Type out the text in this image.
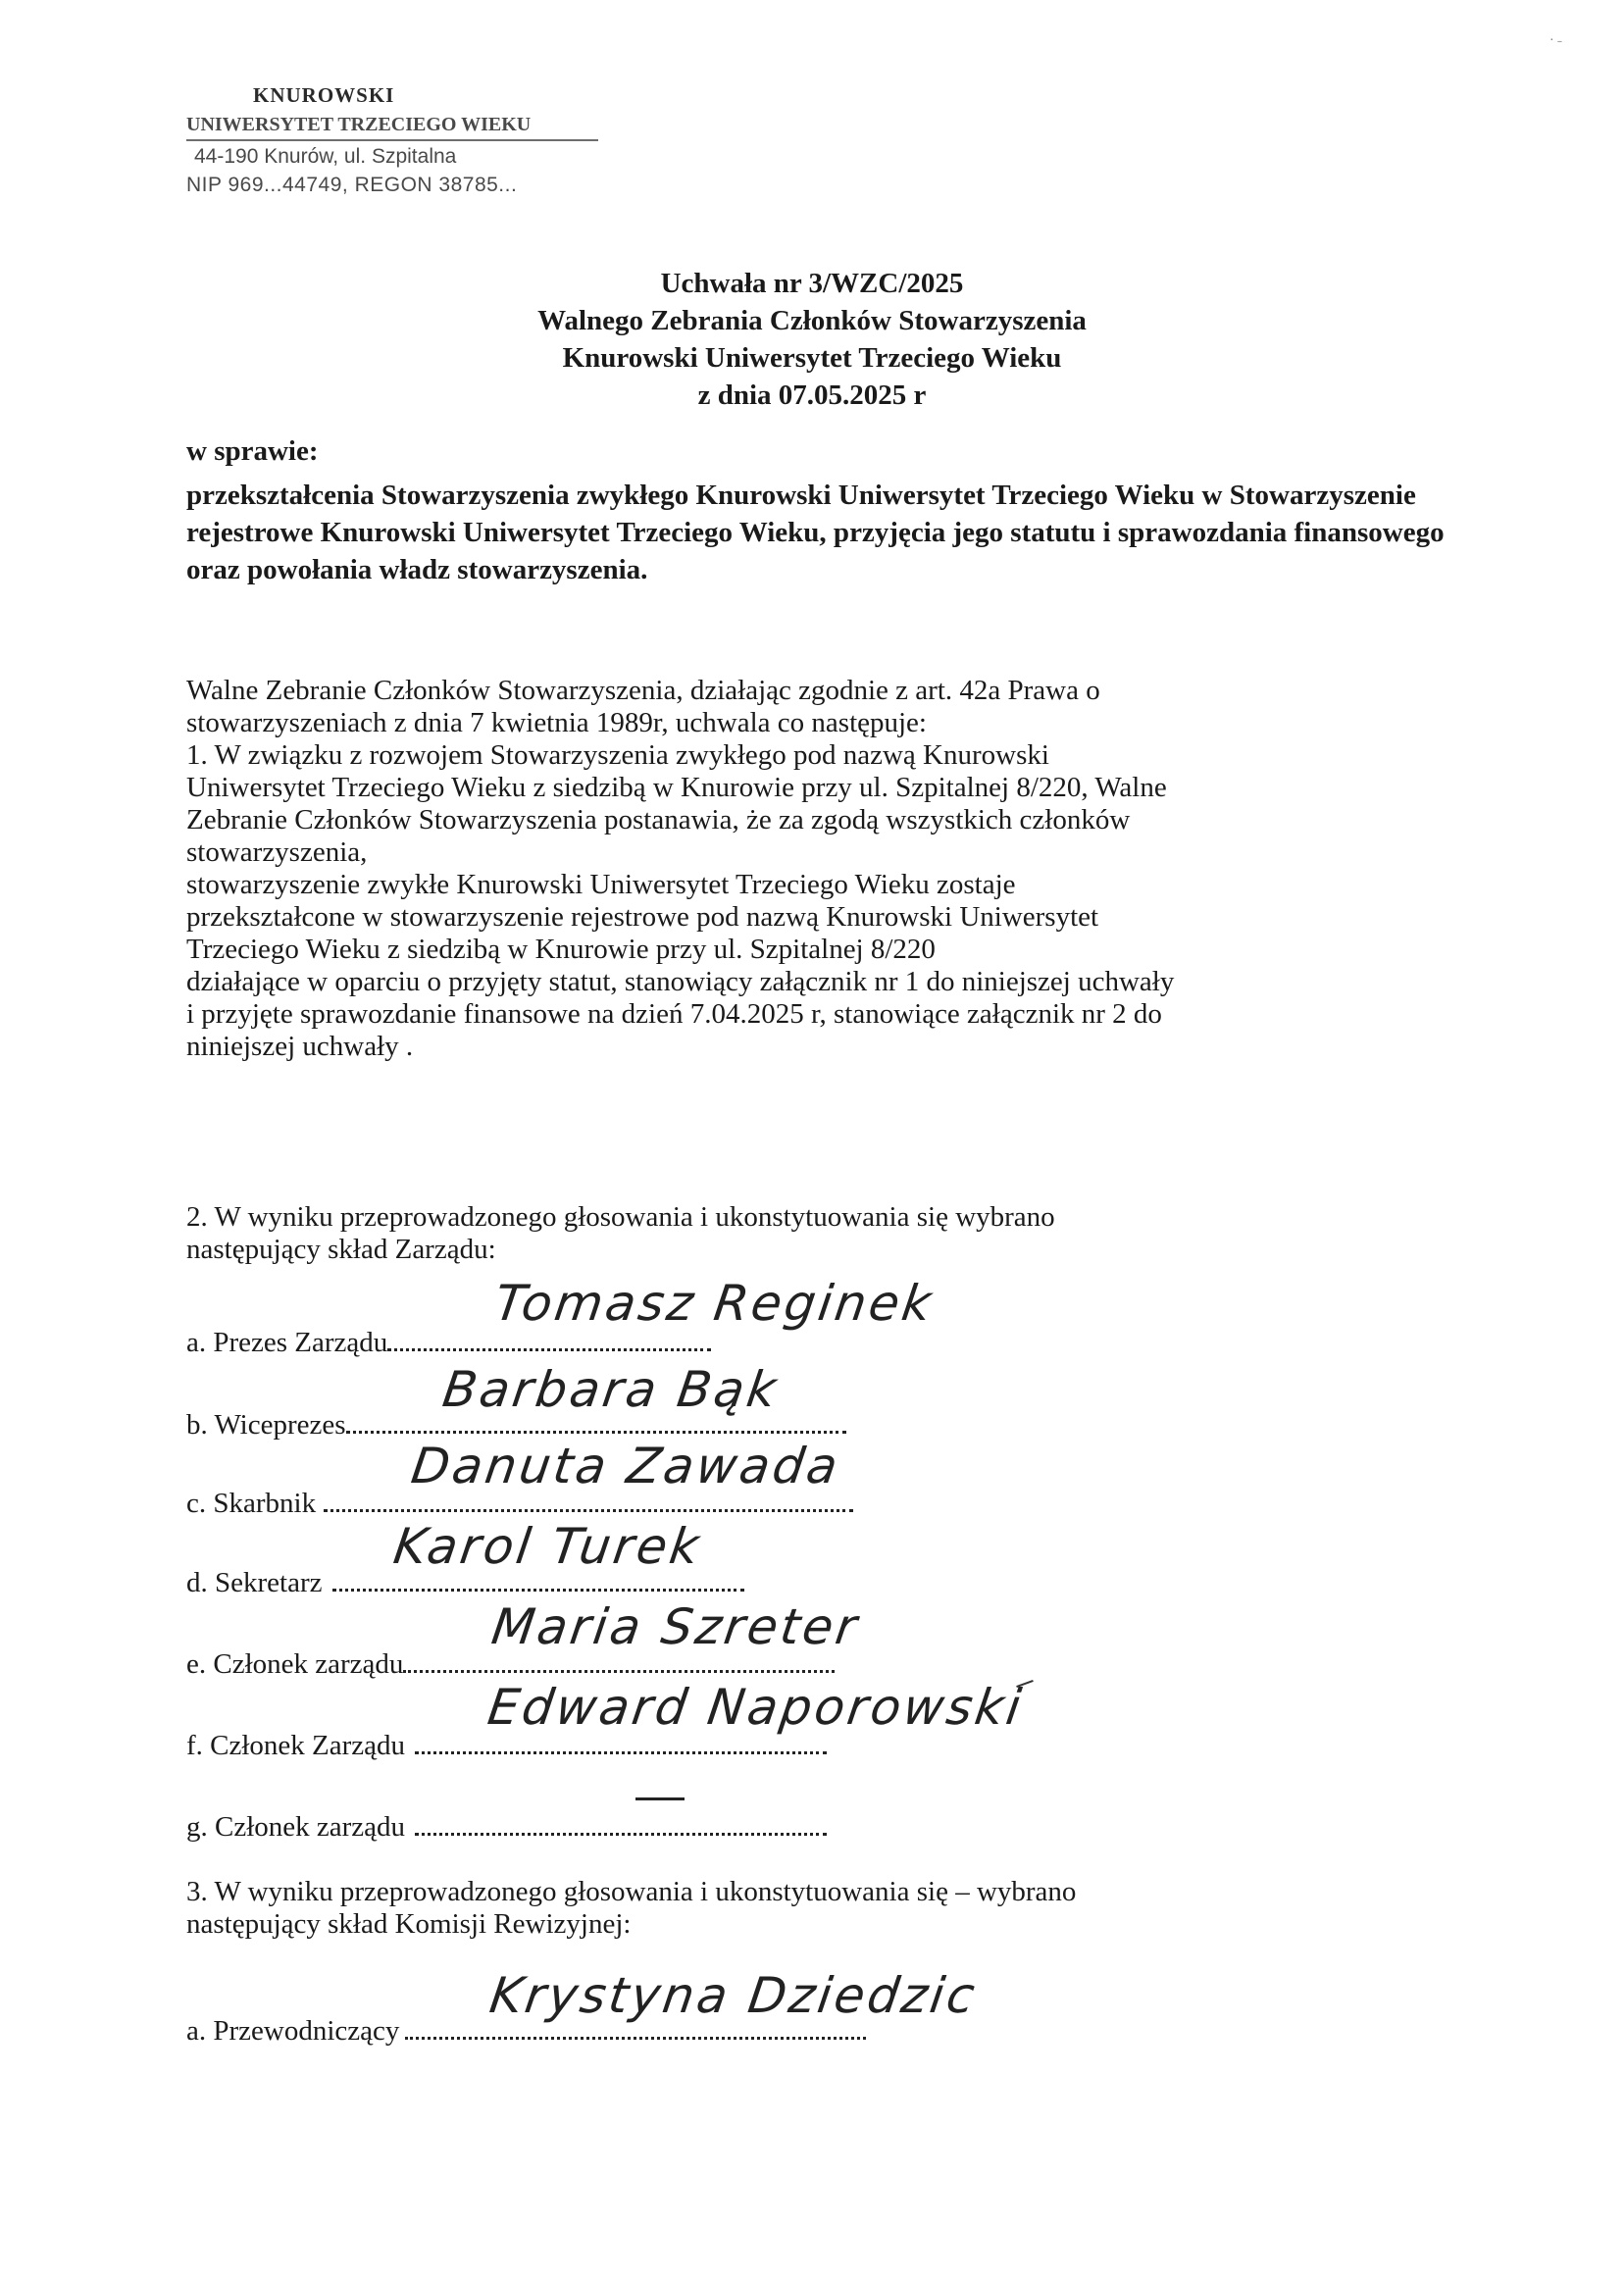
· ˗
KNUROWSKI
UNIWERSYTET TRZECIEGO WIEKU
44-190 Knurów, ul. Szpitalna
NIP 969...44749, REGON 38785...
Uchwała nr 3/WZC/2025
Walnego Zebrania Członków Stowarzyszenia
Knurowski Uniwersytet Trzeciego Wieku
z dnia 07.05.2025 r
w sprawie:
przekształcenia Stowarzyszenia zwykłego Knurowski Uniwersytet Trzeciego Wieku w Stowarzyszenie rejestrowe Knurowski Uniwersytet Trzeciego Wieku, przyjęcia jego statutu i sprawozdania finansowego oraz powołania władz stowarzyszenia.
Walne Zebranie Członków Stowarzyszenia, działając zgodnie z art. 42a Prawa o
stowarzyszeniach z dnia 7 kwietnia 1989r, uchwala co następuje:
1. W związku z rozwojem Stowarzyszenia zwykłego pod nazwą Knurowski
Uniwersytet Trzeciego Wieku z siedzibą w Knurowie przy ul. Szpitalnej 8/220, Walne
Zebranie Członków Stowarzyszenia postanawia, że za zgodą wszystkich członków
stowarzyszenia,
stowarzyszenie zwykłe Knurowski Uniwersytet Trzeciego Wieku zostaje
przekształcone w stowarzyszenie rejestrowe pod nazwą Knurowski Uniwersytet
Trzeciego Wieku z siedzibą w Knurowie przy ul. Szpitalnej 8/220
działające w oparciu o przyjęty statut, stanowiący załącznik nr 1 do niniejszej uchwały
i przyjęte sprawozdanie finansowe na dzień 7.04.2025 r, stanowiące załącznik nr 2 do
niniejszej uchwały .
2. W wyniku przeprowadzonego głosowania i ukonstytuowania się wybrano
następujący skład Zarządu:
a. Prezes Zarządu
Tomasz Reginek
b. Wiceprezes
Barbara Bąk
c. Skarbnik
Danuta Zawada
d. Sekretarz
Karol Turek
e. Członek zarządu
Maria Szreter
f. Członek Zarządu
Edward Naporowski
g. Członek zarządu
3. W wyniku przeprowadzonego głosowania i ukonstytuowania się – wybrano
następujący skład Komisji Rewizyjnej:
a. Przewodniczący
Krystyna Dziedzic
